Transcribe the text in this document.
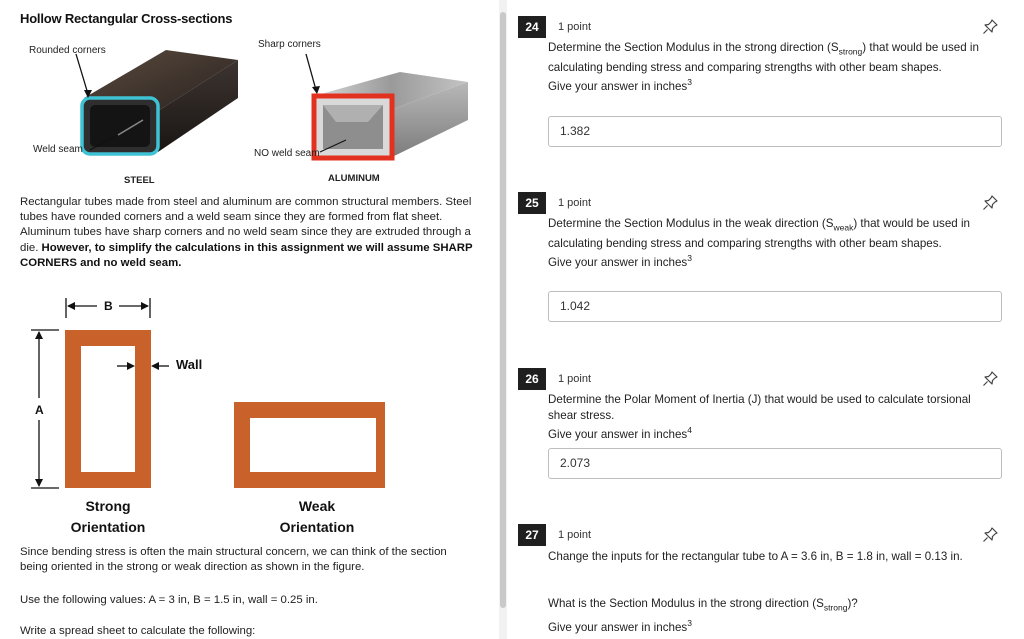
Hollow Rectangular Cross-sections
Rounded corners
Sharp corners
Weld seam	NO weld seam
STEEL	ALUMINUM

Rectangular tubes made from steel and aluminum are common structural members. Steel tubes have rounded corners and a weld seam since they are formed from flat sheet. Aluminum tubes have sharp corners and no weld seam since they are extruded through a die. However, to simplify the calculations in this assignment we will assume SHARP CORNERS and no weld seam.

B
A
Wall
Strong
Orientation
Weak
Orientation

Since bending stress is often the main structural concern, we can think of the section being oriented in the strong or weak direction as shown in the figure.

Use the following values: A = 3 in, B = 1.5 in, wall = 0.25 in.

Write a spread sheet to calculate the following:

24	1 point
Determine the Section Modulus in the strong direction $(S_{strong})$ that would be used in calculating bending stress and comparing strengths with other beam shapes.
Give your answer in inches$^3$
1.382
25	1 point
Determine the Section Modulus in the weak direction $(S_{weak})$ that would be used in calculating bending stress and comparing strengths with other beam shapes.
Give your answer in inches$^3$
1.042
26	1 point
Determine the Polar Moment of Inertia (J) that would be used to calculate torsional shear stress.
Give your answer in inches$^4$
2.073
27	1 point
Change the inputs for the rectangular tube to A = 3.6 in, B = 1.8 in, wall = 0.13 in.
What is the Section Modulus in the strong direction $(S_{strong})$?
Give your answer in inches$^3$
